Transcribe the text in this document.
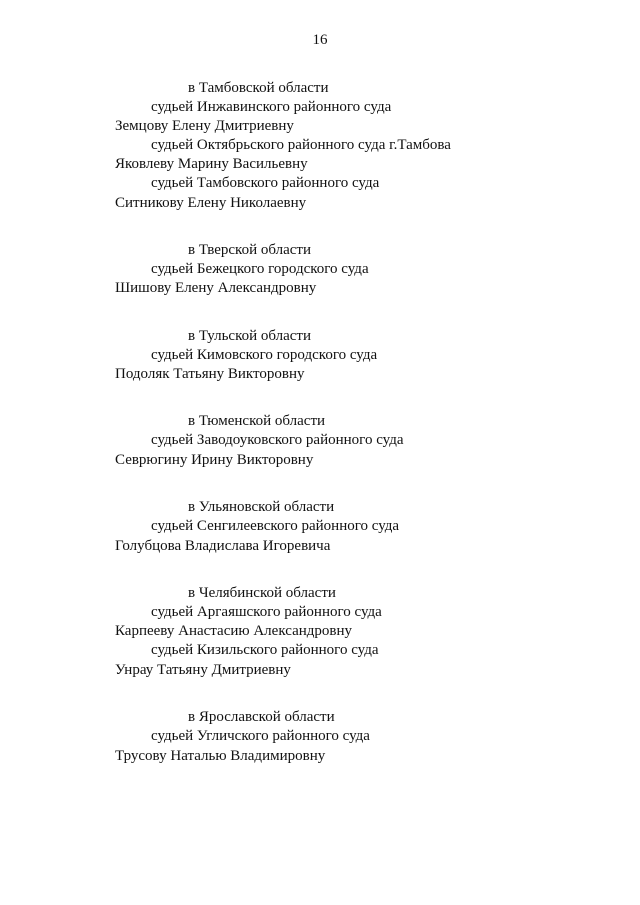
16
в Тамбовской области
судьей Инжавинского районного суда
Земцову Елену Дмитриевну
судьей Октябрьского районного суда г.Тамбова
Яковлеву Марину Васильевну
судьей Тамбовского районного суда
Ситникову Елену Николаевну
в Тверской области
судьей Бежецкого городского суда
Шишову Елену Александровну
в Тульской области
судьей Кимовского городского суда
Подоляк Татьяну Викторовну
в Тюменской области
судьей Заводоуковского районного суда
Севрюгину Ирину Викторовну
в Ульяновской области
судьей Сенгилеевского районного суда
Голубцова Владислава Игоревича
в Челябинской области
судьей Аргаяшского районного суда
Карпееву Анастасию Александровну
судьей Кизильского районного суда
Унрау Татьяну Дмитриевну
в Ярославской области
судьей Угличского районного суда
Трусову Наталью Владимировну
